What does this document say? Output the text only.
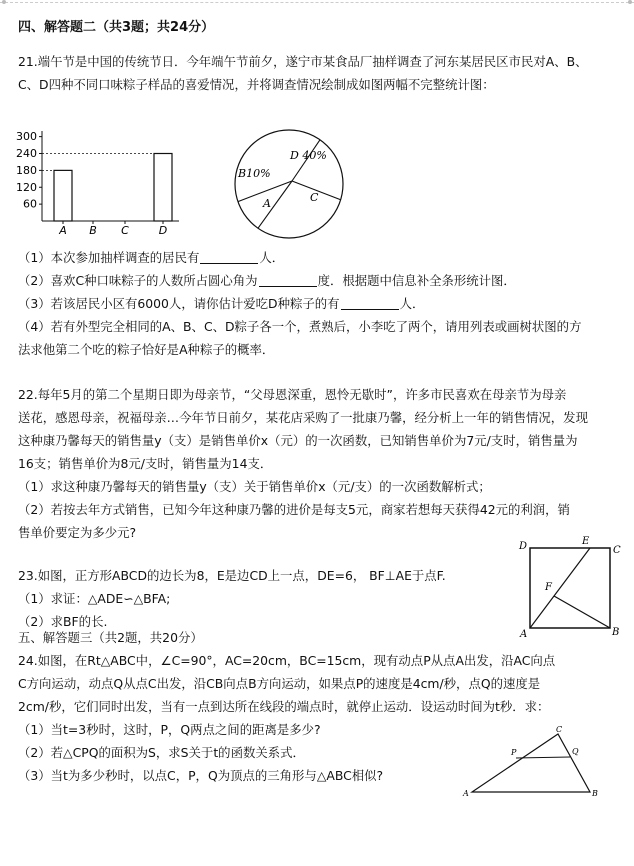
四、解答题二（共3题；共24分）
21.端午节是中国的传统节日．今年端午节前夕，遂宁市某食品厂抽样调查了河东某居民区市民对A、B、
C、D四种不同口味粽子样品的喜爱情况，并将调查情况绘制成如图两幅不完整统计图：
300
240
180
120
60
A B C	D
D 40%
B10%
A	C
（1）本次参加抽样调查的居民有	人．
（2）喜欢C种口味粽子的人数所占圆心角为	度．根据题中信息补全条形统计图．
（3）若该居民小区有6000人，请你估计爱吃D种粽子的有	人．
（4）若有外型完全相同的A、B、C、D粽子各一个，煮熟后，小李吃了两个，请用列表或画树状图的方
法求他第二个吃的粽子恰好是A种粽子的概率．
22.每年5月的第二个星期日即为母亲节，“父母恩深重，恩怜无歇时”，许多市民喜欢在母亲节为母亲
送花，感恩母亲，祝福母亲…今年节日前夕，某花店采购了一批康乃馨，经分析上一年的销售情况，发现
这种康乃馨每天的销售量y（支）是销售单价x（元）的一次函数，已知销售单价为7元/支时，销售量为
16支；销售单价为8元/支时，销售量为14支．
（1）求这种康乃馨每天的销售量y（支）关于销售单价x（元/支）的一次函数解析式；
（2）若按去年方式销售，已知今年这种康乃馨的进价是每支5元，商家若想每天获得42元的利润，销
售单价要定为多少元?
23.如图，正方形ABCD的边长为8，E是边CD上一点，DE=6， BF⊥AE于点F.
（1）求证：△ADE∽△BFA;
（2）求BF的长.
D	E
C
F
A	B
五、解答题三（共2题，共20分）
24.如图，在Rt△ABC中，∠C=90°，AC=20cm，BC=15cm，现有动点P从点A出发，沿AC向点
C方向运动，动点Q从点C出发，沿CB向点B方向运动，如果点P的速度是4cm/秒，点Q的速度是
2cm/秒，它们同时出发，当有一点到达所在线段的端点时，就停止运动．设运动时间为t秒．求：
（1）当t=3秒时，这时，P，Q两点之间的距离是多少?
（2）若△CPQ的面积为S，求S关于t的函数关系式．
（3）当t为多少秒时，以点C，P，Q为顶点的三角形与△ABC相似?
C
P	Q
A	B
